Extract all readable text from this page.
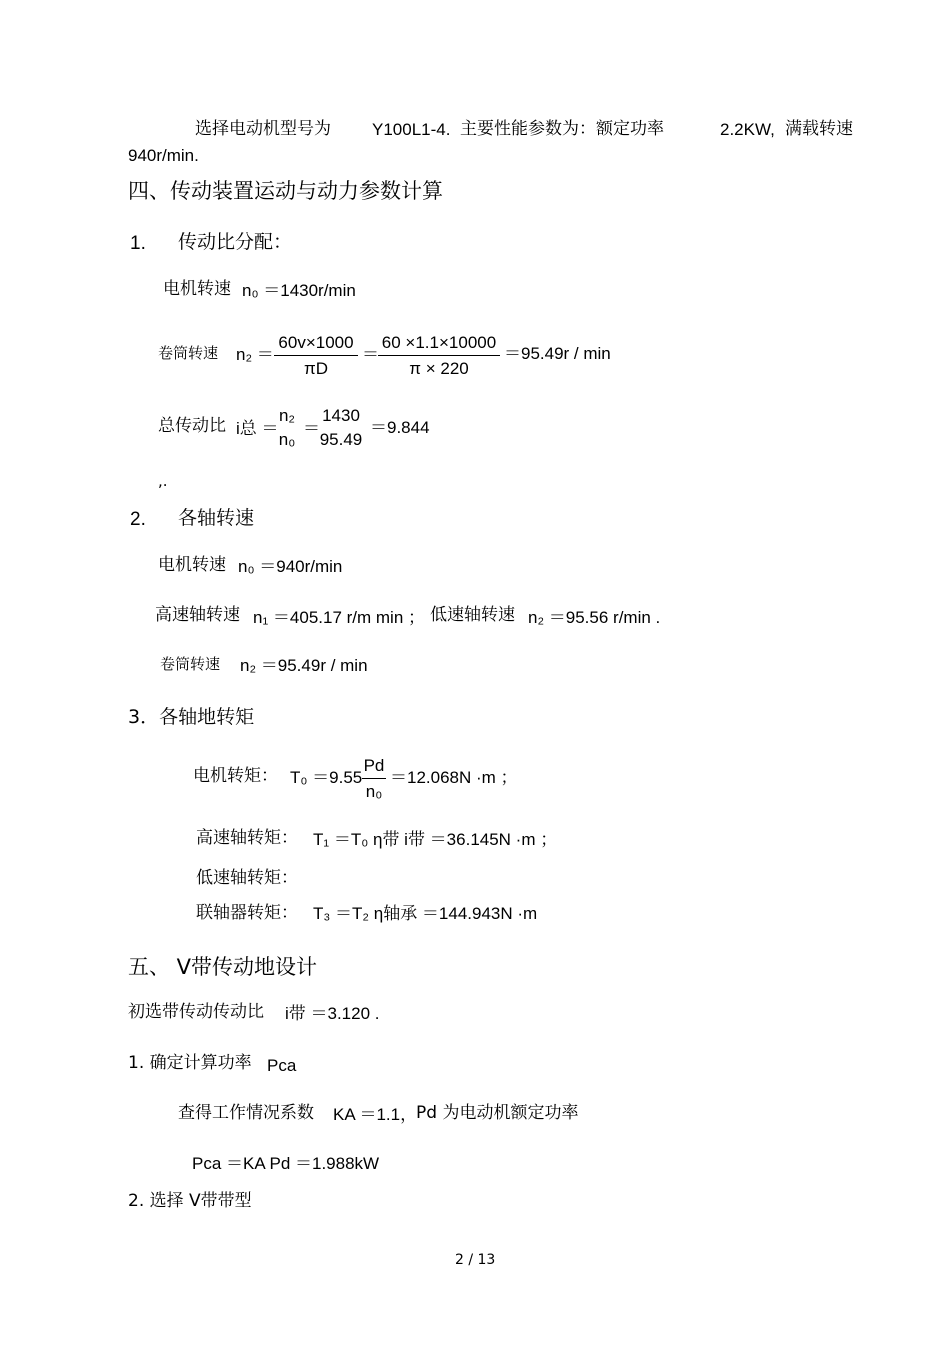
选择电动机型号为 Y100L1-4. 主要性能参数为：额定功率	2.2KW, 满载转速
940r/min.
四、传动装置运动与动力参数计算
1. 传动比分配：
电机转速 n₀ ＝1430r/min
卷筒转速 n₂ ＝
60v×1000
πD
＝
60 ×1.1×10000
π × 220
＝95.49r / min
总传动比 i总 ＝
n₂
n₀
＝
1430
95.49
＝9.844
,.
2. 各轴转速
电机转速 n₀ ＝940r/min
高速轴转速 n₁ ＝405.17 r/m min ； 低速轴转速 n₂ ＝95.56 r/min .
卷筒转速 n₂ ＝95.49r / min
3．各轴地转矩
电机转矩： T₀ ＝9.55
Pd
n₀
＝12.068N ·m ；
高速轴转矩： T₁ ＝T₀ η带 i带 ＝36.145N ·m ；
低速轴转矩：
联轴器转矩： T₃ ＝T₂ η轴承 ＝144.943N ·m
五、 V带传动地设计
初选带传动传动比 i带 ＝3.120 .
1. 确定计算功率 Pca
查得工作情况系数 KA ＝1.1，
Pd 为电动机额定功率
Pca ＝KA Pd ＝1.988kW
2. 选择 V带带型
2 / 13
